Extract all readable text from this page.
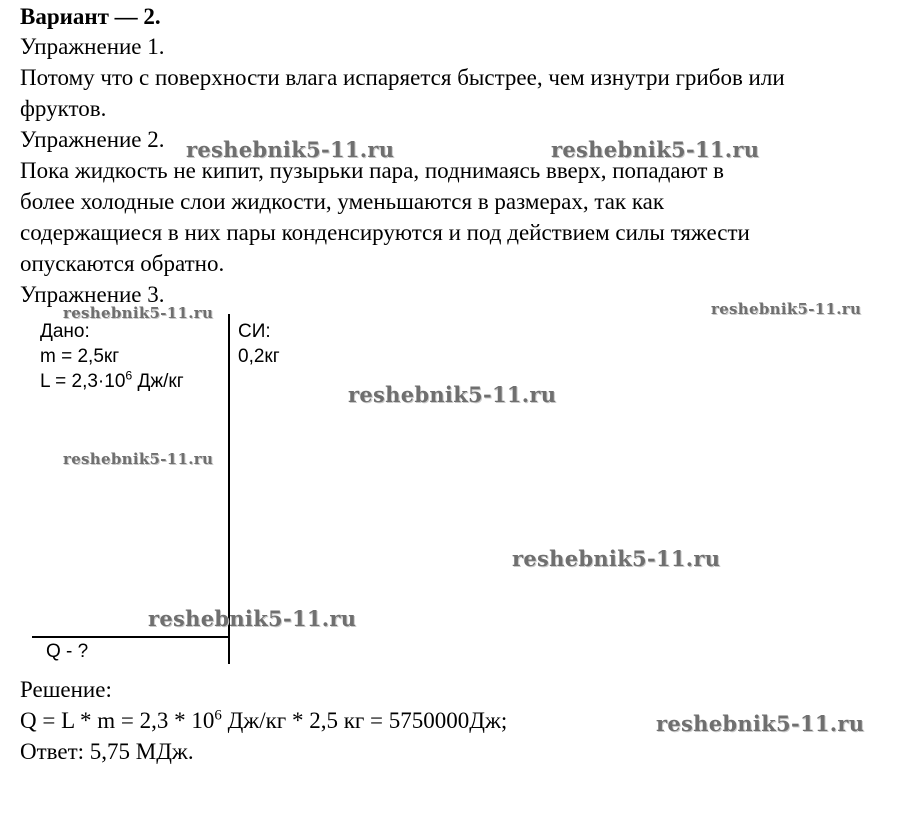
Вариант — 2.
Упражнение 1.
Потому что с поверхности влага испаряется быстрее, чем изнутри грибов или
фруктов.
Упражнение 2.
Пока жидкость не кипит, пузырьки пара, поднимаясь вверх, попадают в
более холодные слои жидкости, уменьшаются в размерах, так как
содержащиеся в них пары конденсируются и под действием силы тяжести
опускаются обратно.
Упражнение 3.
Дано:
m = 2,5кг
$L = 2,3\cdot 10^6$ Дж/кг
СИ:
0,2кг
Q - ?
Решение:
$Q = L * m = 2,3 * 10^6$ Дж/кг * 2,5 кг = 5750000Дж;
Ответ: 5,75 МДж.
reshebnik5-11.ru	reshebnik5-11.ru
reshebnik5-11.ru	reshebnik5-11.ru
reshebnik5-11.ru
reshebnik5-11.ru
reshebnik5-11.ru
reshebnik5-11.ru
reshebnik5-11.ru
